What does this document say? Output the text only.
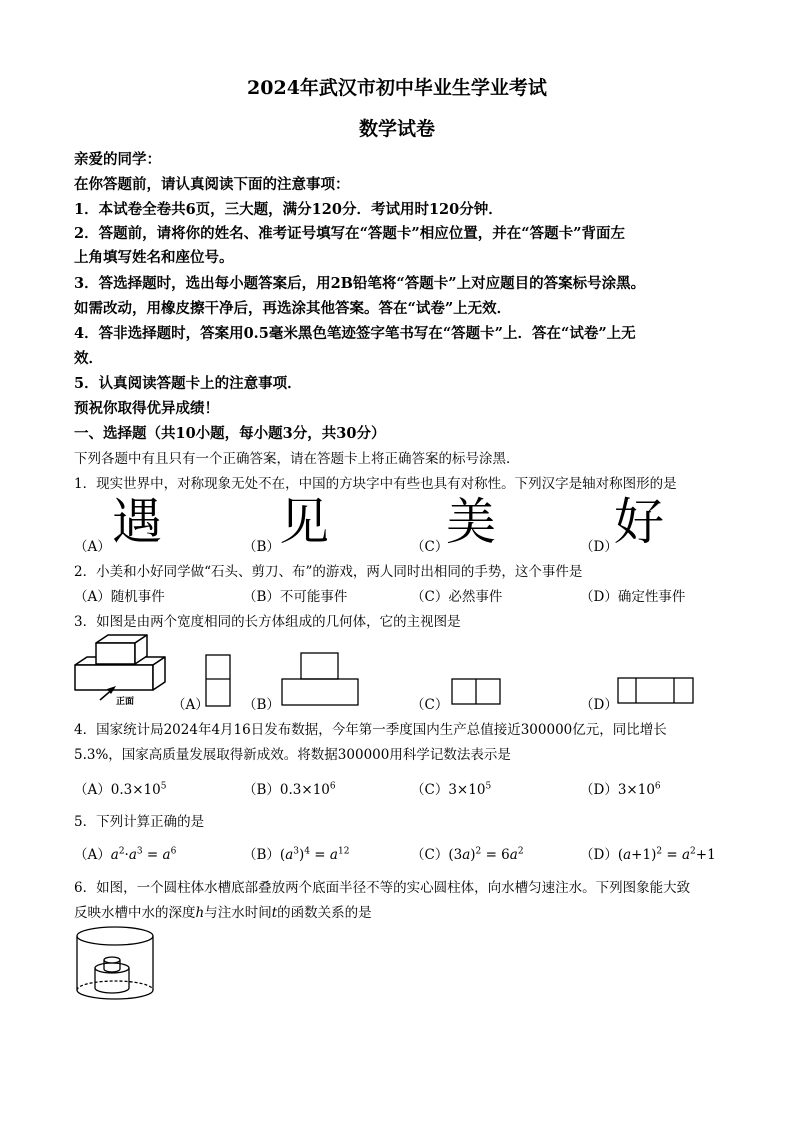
2024年武汉市初中毕业生学业考试
数学试卷
亲爱的同学：
在你答题前，请认真阅读下面的注意事项：
1．本试卷全卷共6页，三大题，满分120分．考试用时120分钟．
2．答题前，请将你的姓名、准考证号填写在“答题卡”相应位置，并在“答题卡”背面左
上角填写姓名和座位号。
3．答选择题时，选出每小题答案后，用2B铅笔将“答题卡”上对应题目的答案标号涂黑。
如需改动，用橡皮擦干净后，再选涂其他答案。答在“试卷”上无效．
4．答非选择题时，答案用0.5毫米黑色笔迹签字笔书写在“答题卡”上．答在“试卷”上无
效．
5．认真阅读答题卡上的注意事项．
预祝你取得优异成绩！
一、选择题（共10小题，每小题3分，共30分）
下列各题中有且只有一个正确答案，请在答题卡上将正确答案的标号涂黑．
1．现实世界中，对称现象无处不在，中国的方块字中有些也具有对称性。下列汉字是轴对称图形的是
（A） 遇	（B） 见	（C）
美	（D）
好
2．小美和小好同学做“石头、剪刀、布”的游戏，两人同时出相同的手势，这个事件是
（A）随机事件	（B）不可能事件	（C）必然事件	（D）确定性事件
3．如图是由两个宽度相同的长方体组成的几何体，它的主视图是
正面	（A）	（B）	（C）	（D）
4．国家统计局2024年4月16日发布数据，今年第一季度国内生产总值接近300000亿元，同比增长
5.3%，国家高质量发展取得新成效。将数据300000用科学记数法表示是
$(A)0.3\times 10^5$	$(B)0.3\times 10^6$	$(C)3\times 10^5$	$(D)3\times 10^6$
5．下列计算正确的是
$(A)a^2\cdot a^3 = a^6$	$(B)(a^3)^4 = a^{12}$	$(C)(3a)^2 = 6a^2$	$(D)(a+1)^2 = a^2+1$
6．如图，一个圆柱体水槽底部叠放两个底面半径不等的实心圆柱体，向水槽匀速注水。下列图象能大致
反映水槽中水的深度h与注水时间t的函数关系的是
